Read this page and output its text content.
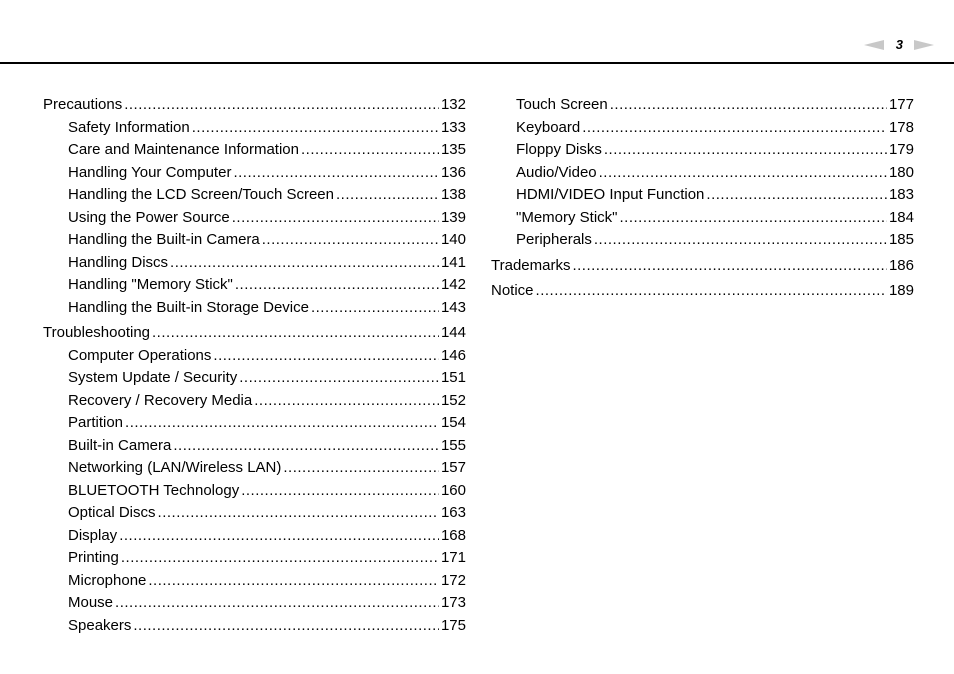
3
Precautions .....	132
Safety Information .....	133
Care and Maintenance Information .....	135
Handling Your Computer .....	136
Handling the LCD Screen/Touch Screen .....	138
Using the Power Source .....	139
Handling the Built-in Camera .....	140
Handling Discs .....	141
Handling "Memory Stick" .....	142
Handling the Built-in Storage Device .....	143
Troubleshooting .....	144
Computer Operations .....	146
System Update / Security .....	151
Recovery / Recovery Media .....	152
Partition .....	154
Built-in Camera .....	155
Networking (LAN/Wireless LAN) .....	157
BLUETOOTH Technology .....	160
Optical Discs .....	163
Display .....	168
Printing .....	171
Microphone .....	172
Mouse .....	173
Speakers .....	175
Touch Screen .....	177
Keyboard .....	178
Floppy Disks .....	179
Audio/Video .....	180
HDMI/VIDEO Input Function .....	183
"Memory Stick" .....	184
Peripherals .....	185
Trademarks .....	186
Notice .....	189
